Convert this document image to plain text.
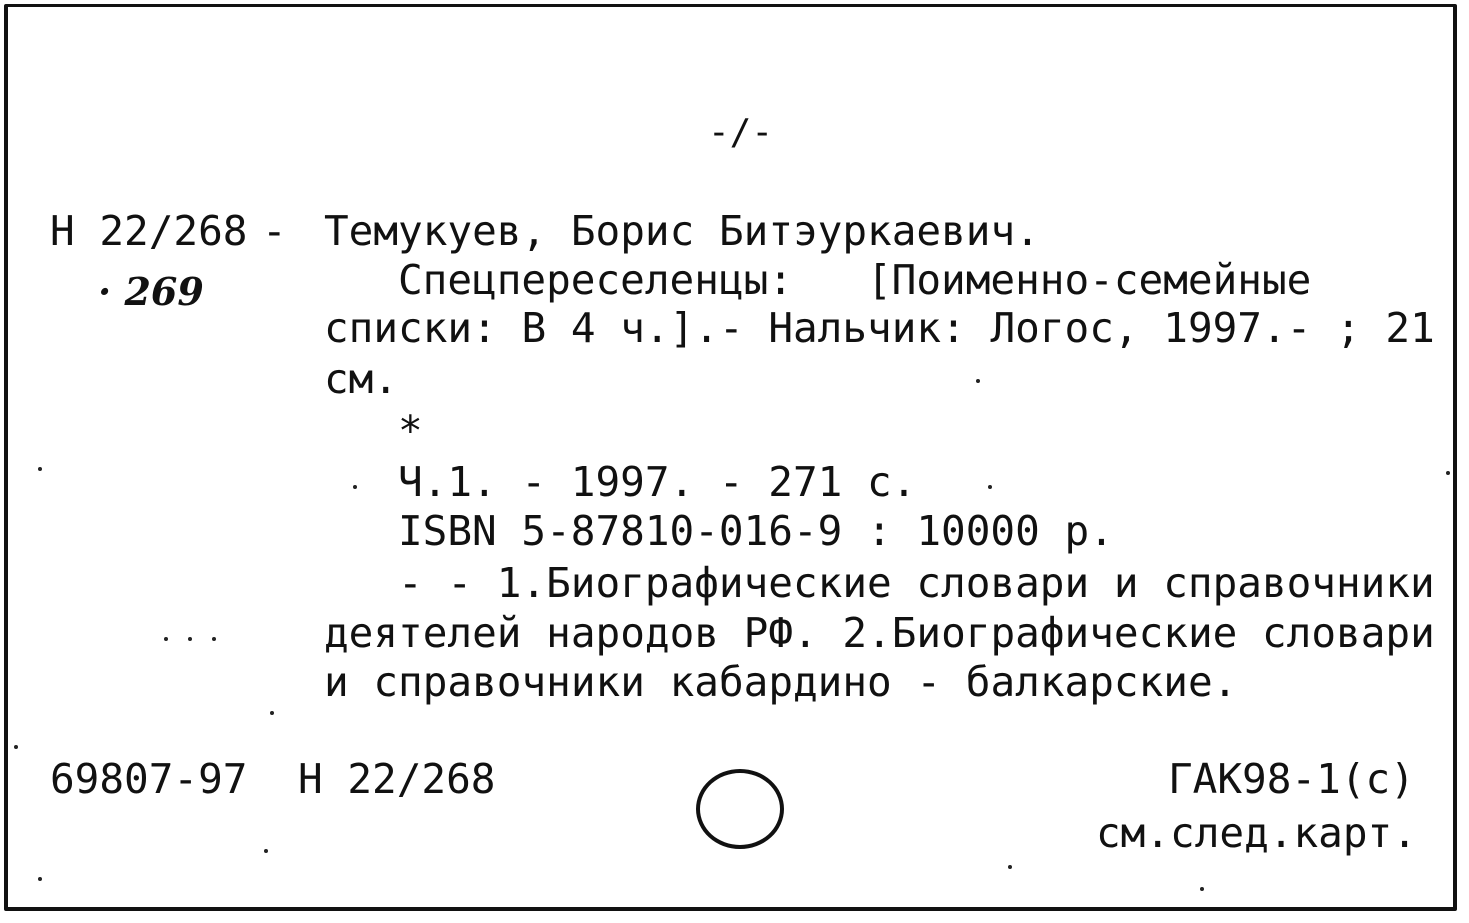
-/-
Н 22/268 -
· 269
Темукуев, Борис Битэуркаевич.
Спецпереселенцы:   [Поименно-семейные
списки: В 4 ч.].- Нальчик: Логос, 1997.- ; 21
см.
*
Ч.1. - 1997. - 271 с.
ISBN 5-87810-016-9 : 10000 р.
- - 1.Биографические словари и справочники
деятелей народов РФ. 2.Биографические словари
и справочники кабардино - балкарские.
69807-97 Н 22/268	ГАК98-1(с)
см.след.карт.
